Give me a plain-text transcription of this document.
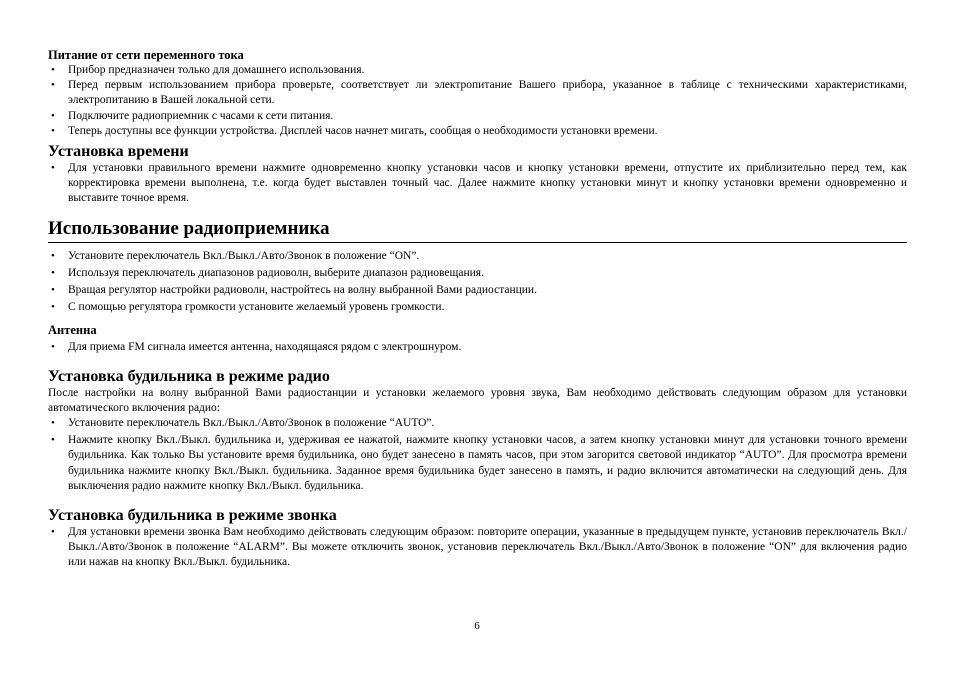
Питание от сети переменного тока

• Прибор предназначен только для домашнего использования.
• Перед первым использованием прибора проверьте, соответствует ли электропитание Вашего прибора, указанное в таблице с техническими характеристиками, электропитанию в Вашей локальной сети.
• Подключите радиоприемник с часами к сети питания.
• Теперь доступны все функции устройства. Дисплей часов начнет мигать, сообщая о необходимости установки времени.

Установка времени

• Для установки правильного времени нажмите одновременно кнопку установки часов и кнопку установки времени, отпустите их приблизительно перед тем, как корректировка времени выполнена, т.е. когда будет выставлен точный час. Далее нажмите кнопку установки минут и кнопку установки времени одновременно и выставите точное время.

Использование радиоприемника

• Установите переключатель Вкл./Выкл./Авто/Звонок в положение “ON”.
• Используя переключатель диапазонов радиоволн, выберите диапазон радиовещания.
• Вращая регулятор настройки радиоволн, настройтесь на волну выбранной Вами радиостанции.
• С помощью регулятора громкости установите желаемый уровень громкости.

Антенна

• Для приема FM сигнала имеется антенна, находящаяся рядом с электрошнуром.

Установка будильника в режиме радио

После настройки на волну выбранной Вами радиостанции и установки желаемого уровня звука, Вам необходимо действовать следующим образом для установки автоматического включения радио:

• Установите переключатель Вкл./Выкл./Авто/Звонок в положение “AUTO”.
• Нажмите кнопку Вкл./Выкл. будильника и, удерживая ее нажатой, нажмите кнопку установки часов, а затем кнопку установки минут для установки точного времени будильника. Как только Вы установите время будильника, оно будет занесено в память часов, при этом загорится световой индикатор “AUTO”. Для просмотра времени будильника нажмите кнопку Вкл./Выкл. будильника. Заданное время будильника будет занесено в память, и радио включится автоматически на следующий день. Для выключения радио нажмите кнопку Вкл./Выкл. будильника.

Установка будильника в режиме звонка

• Для установки времени звонка Вам необходимо действовать следующим образом: повторите операции, указанные в предыдущем пункте, установив переключатель Вкл./Выкл./Авто/Звонок в положение “ALARM”. Вы можете отключить звонок, установив переключатель Вкл./Выкл./Авто/Звонок в положение “ON” для включения радио или нажав на кнопку Вкл./Выкл. будильника.
6
